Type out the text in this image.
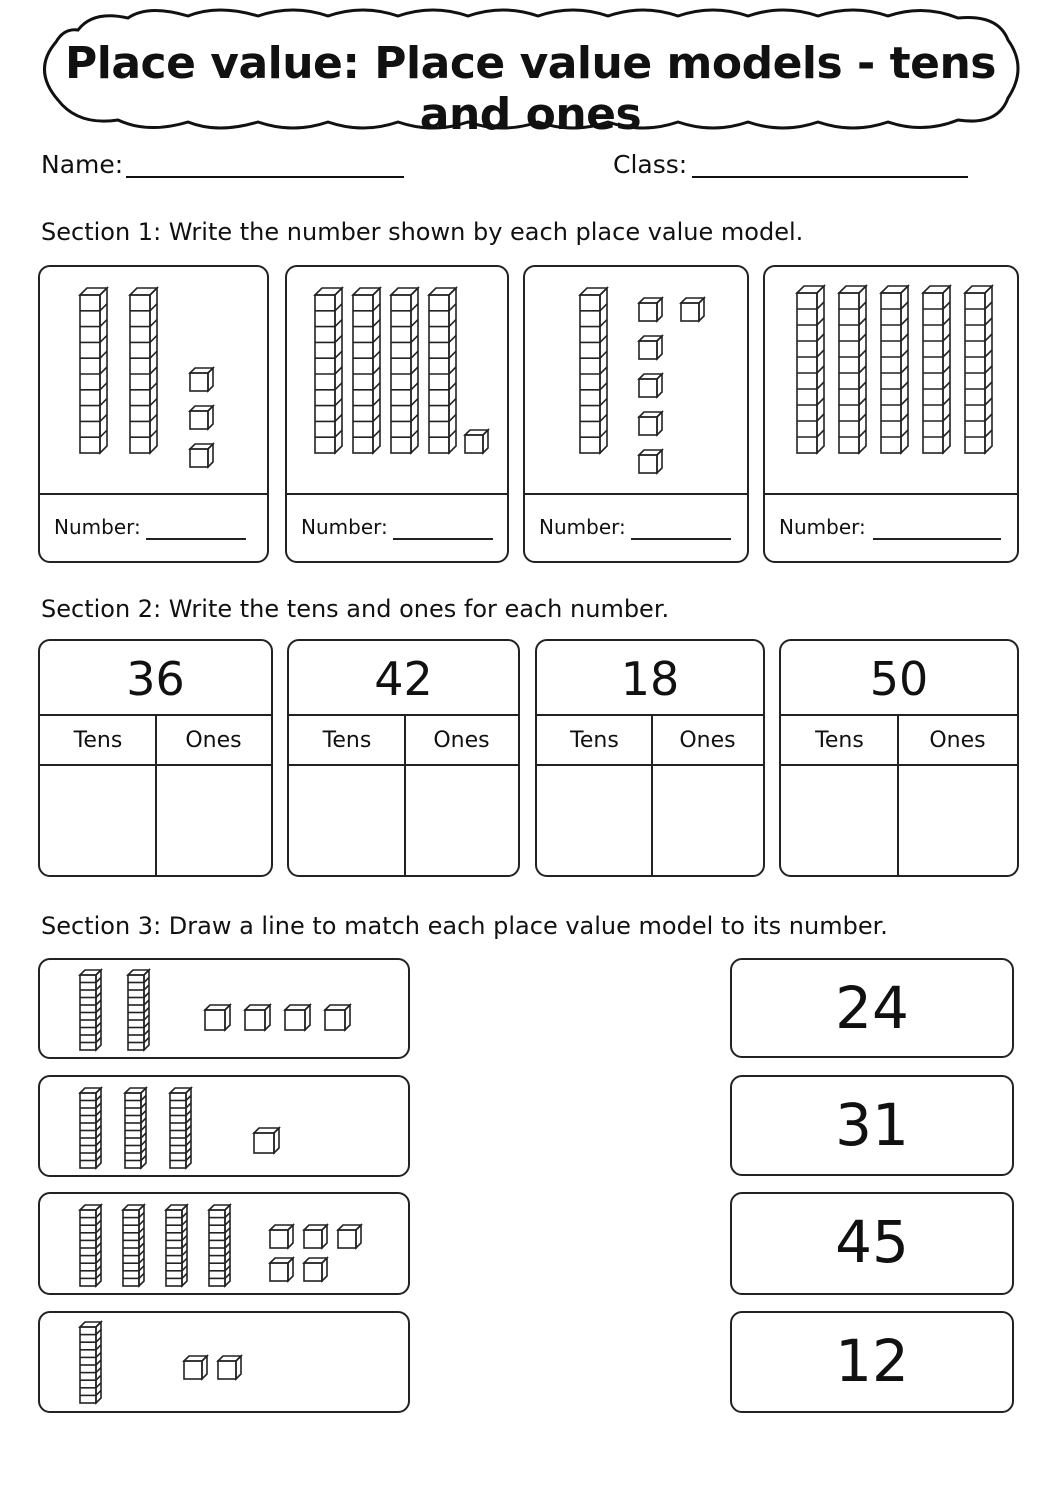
Place value: Place value models - tens and ones
Name:	Class:
Section 1: Write the number shown by each place value model.
Number:	Number:	Number:	Number:
Section 2: Write the tens and ones for each number.
36
Tens	Ones
42
Tens	Ones
18
Tens	Ones
50
Tens	Ones
Section 3: Draw a line to match each place value model to its number.
24
31
45
12
